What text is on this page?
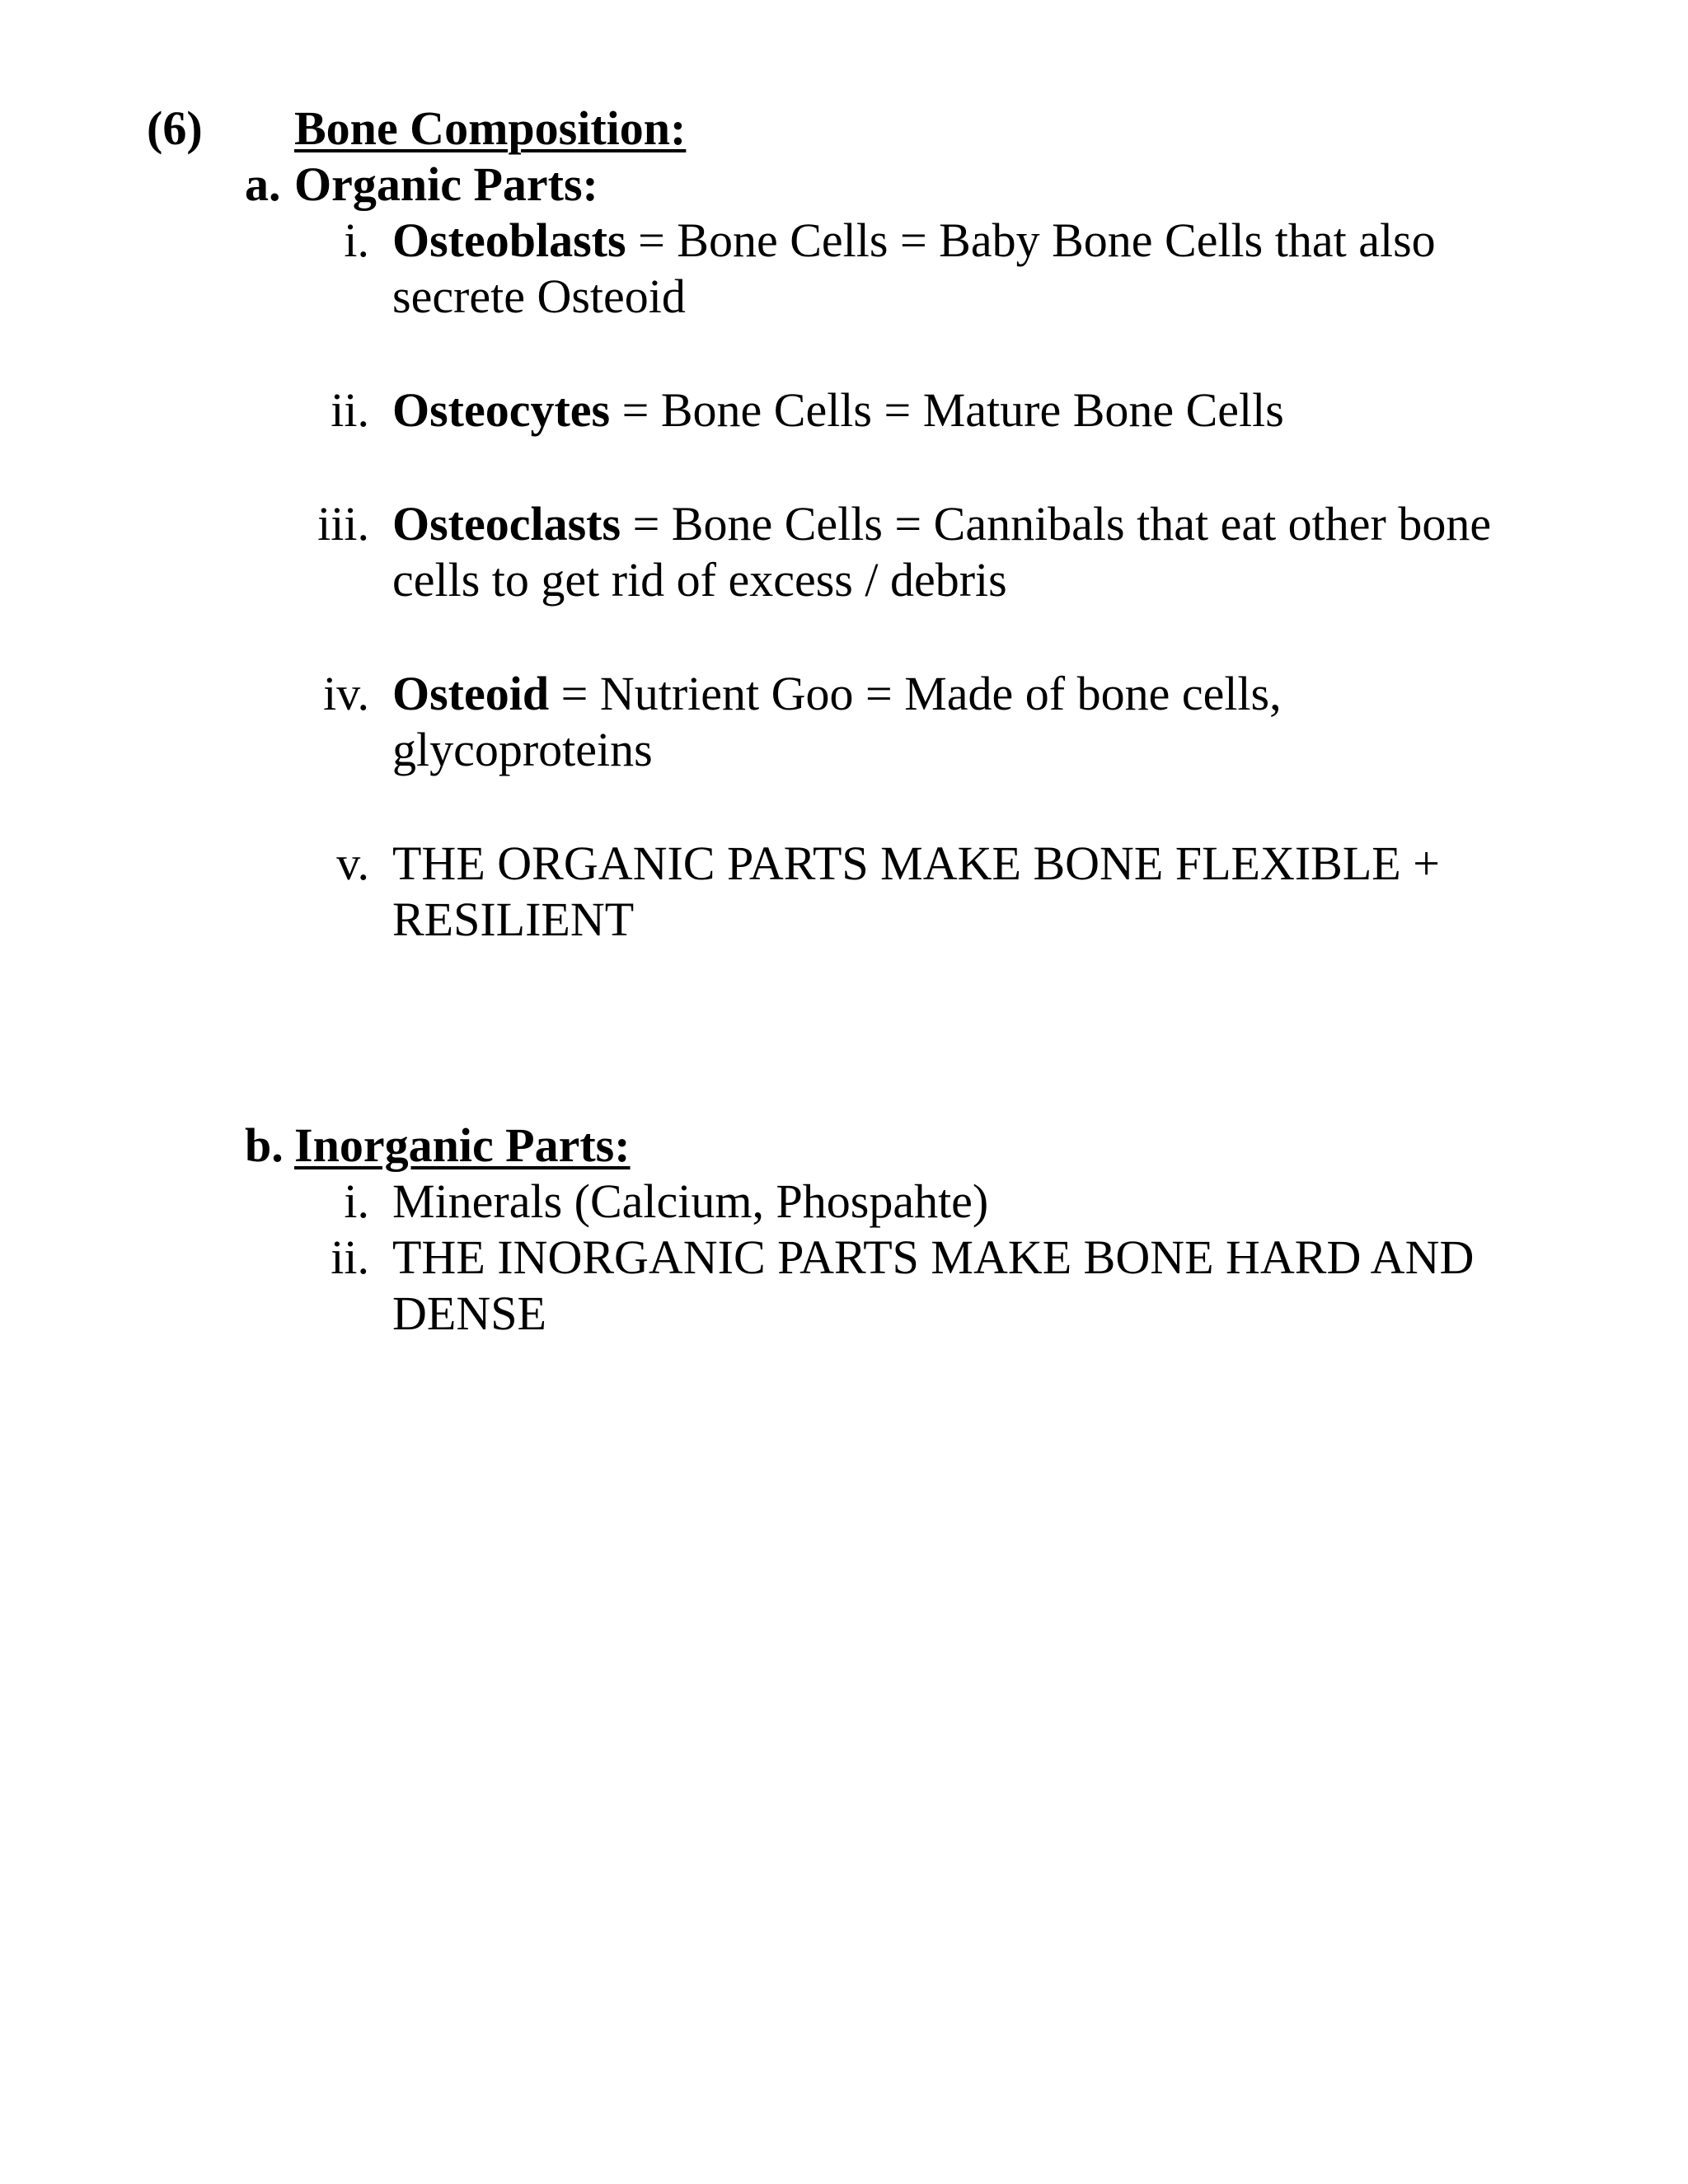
(6) Bone Composition:
a. Organic Parts:
i. Osteoblasts = Bone Cells = Baby Bone Cells that also
secrete Osteoid
ii. Osteocytes = Bone Cells = Mature Bone Cells
iii. Osteoclasts = Bone Cells = Cannibals that eat other bone
cells to get rid of excess / debris
iv. Osteoid = Nutrient Goo = Made of bone cells,
glycoproteins
v. THE ORGANIC PARTS MAKE BONE FLEXIBLE +
RESILIENT
b. Inorganic Parts:
i. Minerals (Calcium, Phospahte)
ii. THE INORGANIC PARTS MAKE BONE HARD AND
DENSE
